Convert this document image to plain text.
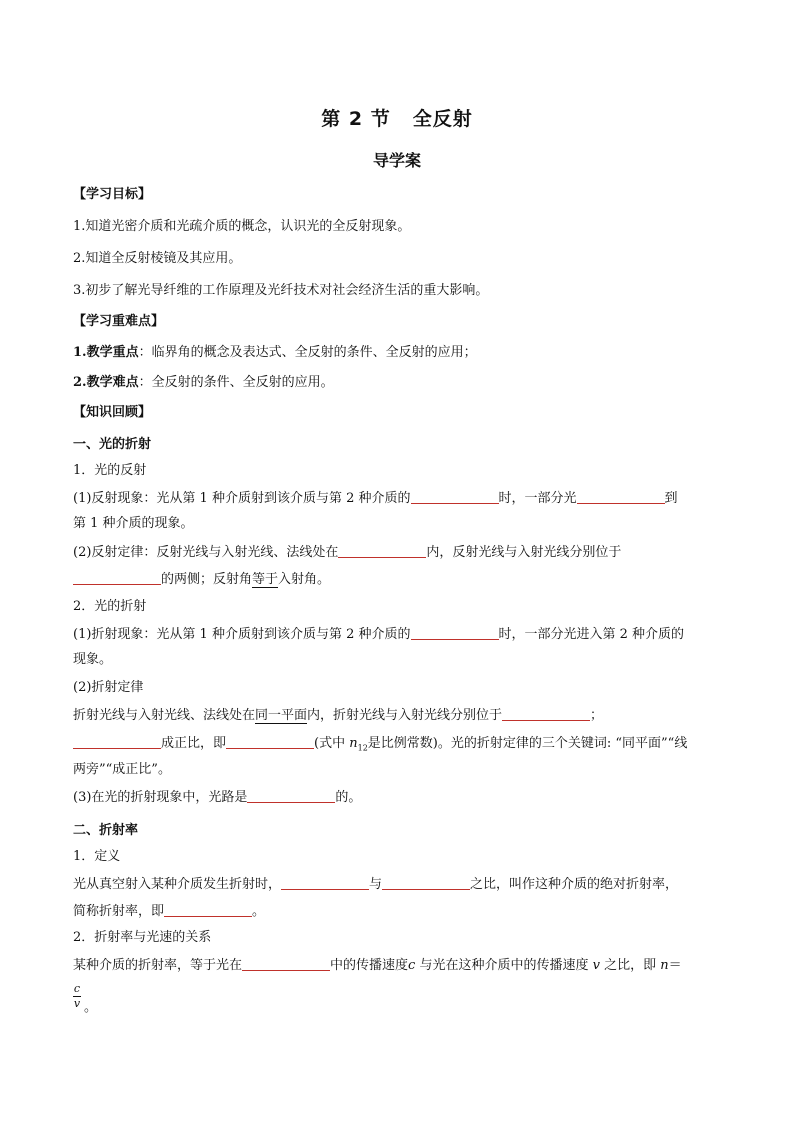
第 2 节 全反射
导学案
【学习目标】
1.知道光密介质和光疏介质的概念，认识光的全反射现象。
2.知道全反射棱镜及其应用。
3.初步了解光导纤维的工作原理及光纤技术对社会经济生活的重大影响。
【学习重难点】
1.教学重点：临界角的概念及表达式、全反射的条件、全反射的应用；
2.教学难点：全反射的条件、全反射的应用。
【知识回顾】
一、光的折射
1．光的反射
(1)反射现象：光从第 1 种介质射到该介质与第 2 种介质的	时，一部分光	到
第 1 种介质的现象。
(2)反射定律：反射光线与入射光线、法线处在	内，反射光线与入射光线分别位于
的两侧；反射角等于入射角。
2．光的折射
(1)折射现象：光从第 1 种介质射到该介质与第 2 种介质的	时，一部分光进入第 2 种介质的
现象。
(2)折射定律
折射光线与入射光线、法线处在同一平面内，折射光线与入射光线分别位于	；
成正比，即	(式中 $n_{12}$是比例常数)。光的折射定律的三个关键词: “同平面”“线
两旁”“成正比”。
(3)在光的折射现象中，光路是	的。
二、折射率
1．定义
光从真空射入某种介质发生折射时，	与	之比，叫作这种介质的绝对折射率，
简称折射率，即	。
2．折射率与光速的关系
某种介质的折射率，等于光在	中的传播速度c 与光在这种介质中的传播速度 v 之比，即 n＝
c
v 。
